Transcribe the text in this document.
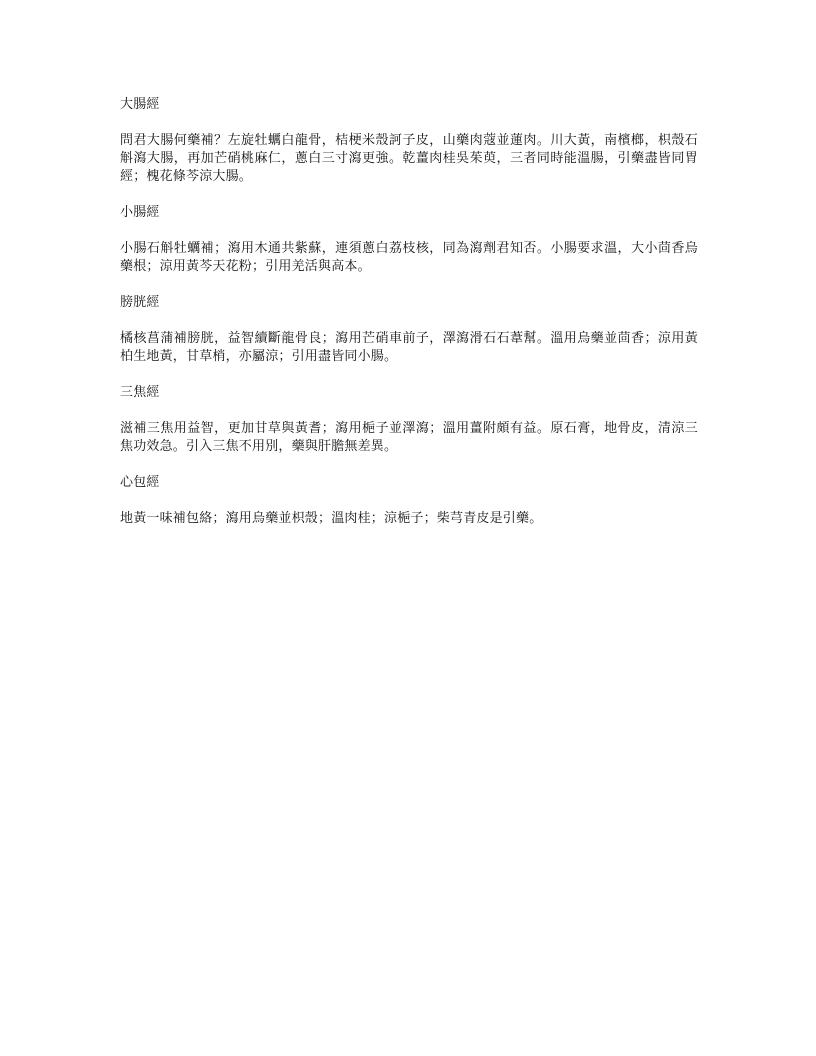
大腸經

問君大腸何藥補？左旋牡蠣白龍骨，桔梗米殼訶子皮，山藥肉蔻並蓮肉。川大黃，南檳榔，枳殼石斛瀉大腸，再加芒硝桃麻仁，蔥白三寸瀉更強。乾薑肉桂吳茱萸，三者同時能溫腸，引藥盡皆同胃經；槐花條芩涼大腸。

小腸經

小腸石斛牡蠣補；瀉用木通共紫蘇，連須蔥白荔枝核，同為瀉劑君知否。小腸要求溫，大小茴香烏藥根；涼用黃芩天花粉；引用羌活與高本。

膀胱經

橘核菖蒲補膀胱，益智續斷龍骨良；瀉用芒硝車前子，澤瀉滑石石葦幫。溫用烏藥並茴香；涼用黃柏生地黃，甘草梢，亦屬涼；引用盡皆同小腸。

三焦經

滋補三焦用益智，更加甘草與黃耆；瀉用梔子並澤瀉；溫用薑附頗有益。原石膏，地骨皮，清涼三焦功效急。引入三焦不用別，藥與肝膽無差異。

心包經

地黃一味補包絡；瀉用烏藥並枳殼；溫肉桂；涼梔子；柴芎青皮是引藥。
